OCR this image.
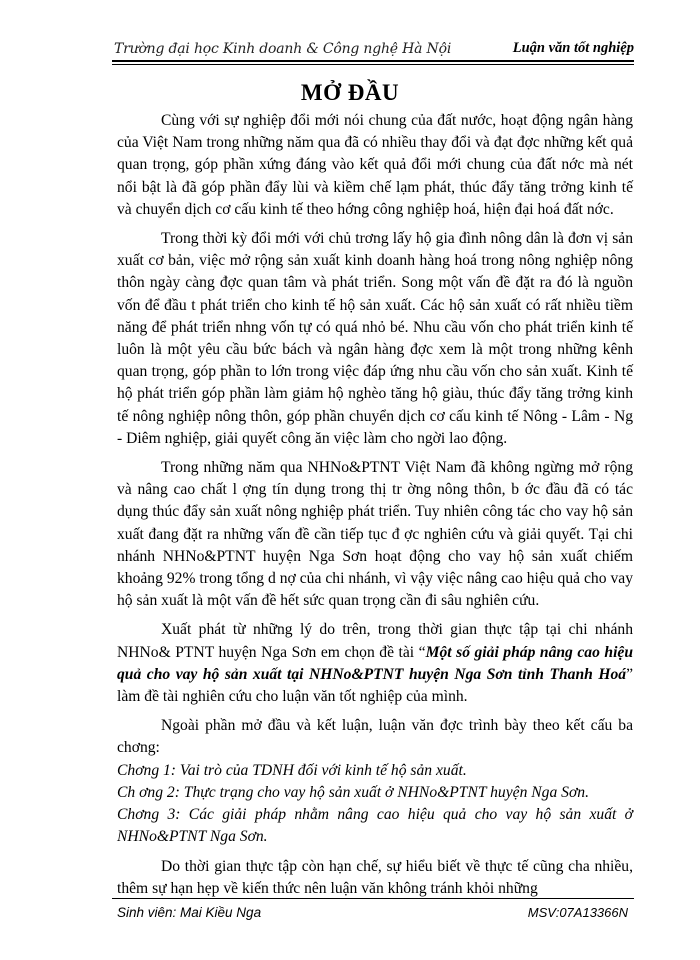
Trường đại học Kinh doanh & Công nghệ Hà Nội	Luận văn tốt nghiệp
MỞ ĐẦU

Cùng với sự nghiệp đổi mới nói chung của đất nước, hoạt động ngân hàng của Việt Nam trong những năm qua đã có nhiều thay đổi và đạt đợc những kết quả quan trọng, góp phần xứng đáng vào kết quả đổi mới chung của đất nớc mà nét nổi bật là đã góp phần đẩy lùi và kiềm chế lạm phát, thúc đẩy tăng trởng kinh tế và chuyển dịch cơ cấu kinh tế theo hớng công nghiệp hoá, hiện đại hoá đất nớc.

Trong thời kỳ đổi mới với chủ trơng lấy hộ gia đình nông dân là đơn vị sản xuất cơ bản, việc mở rộng sản xuất kinh doanh hàng hoá trong nông nghiệp nông thôn ngày càng đợc quan tâm và phát triển. Song một vấn đề đặt ra đó là nguồn vốn để đầu t phát triển cho kinh tế hộ sản xuất. Các hộ sản xuất có rất nhiều tiềm năng để phát triển nhng vốn tự có quá nhỏ bé. Nhu cầu vốn cho phát triển kinh tế luôn là một yêu cầu bức bách và ngân hàng đợc xem là một trong những kênh quan trọng, góp phần to lớn trong việc đáp ứng nhu cầu vốn cho sản xuất. Kinh tế hộ phát triển góp phần làm giảm hộ nghèo tăng hộ giàu, thúc đẩy tăng trởng kinh tế nông nghiệp nông thôn, góp phần chuyển dịch cơ cấu kinh tế Nông - Lâm - Ng - Diêm nghiệp, giải quyết công ăn việc làm cho ngời lao động.

Trong những năm qua NHNo&PTNT Việt Nam đã không ngừng mở rộng và nâng cao chất l ợng tín dụng trong thị tr ờng nông thôn, b ớc đầu đã có tác dụng thúc đẩy sản xuất nông nghiệp phát triển. Tuy nhiên công tác cho vay hộ sản xuất đang đặt ra những vấn đề cần tiếp tục đ ợc nghiên cứu và giải quyết. Tại chi nhánh NHNo&PTNT huyện Nga Sơn hoạt động cho vay hộ sản xuất chiếm khoảng 92% trong tổng d nợ của chi nhánh, vì vậy việc nâng cao hiệu quả cho vay hộ sản xuất là một vấn đề hết sức quan trọng cần đi sâu nghiên cứu.

Xuất phát từ những lý do trên, trong thời gian thực tập tại chi nhánh NHNo& PTNT huyện Nga Sơn em chọn đề tài “Một số giải pháp nâng cao hiệu quả cho vay hộ sản xuất tại NHNo&PTNT huyện Nga Sơn tỉnh Thanh Hoá” làm đề tài nghiên cứu cho luận văn tốt nghiệp của mình.

Ngoài phần mở đầu và kết luận, luận văn đợc trình bày theo kết cấu ba chơng:

Chơng 1: Vai trò của TDNH đối với kinh tế hộ sản xuất.

Ch ơng 2: Thực trạng cho vay hộ sản xuất ở NHNo&PTNT huyện Nga Sơn.

Chơng 3: Các giải pháp nhằm nâng cao hiệu quả cho vay hộ sản xuất ở NHNo&PTNT Nga Sơn.

Do thời gian thực tập còn hạn chế, sự hiểu biết về thực tế cũng cha nhiều, thêm sự hạn hẹp về kiến thức nên luận văn không tránh khỏi những

Sinh viên: Mai Kiều Nga	MSV:07A13366N
